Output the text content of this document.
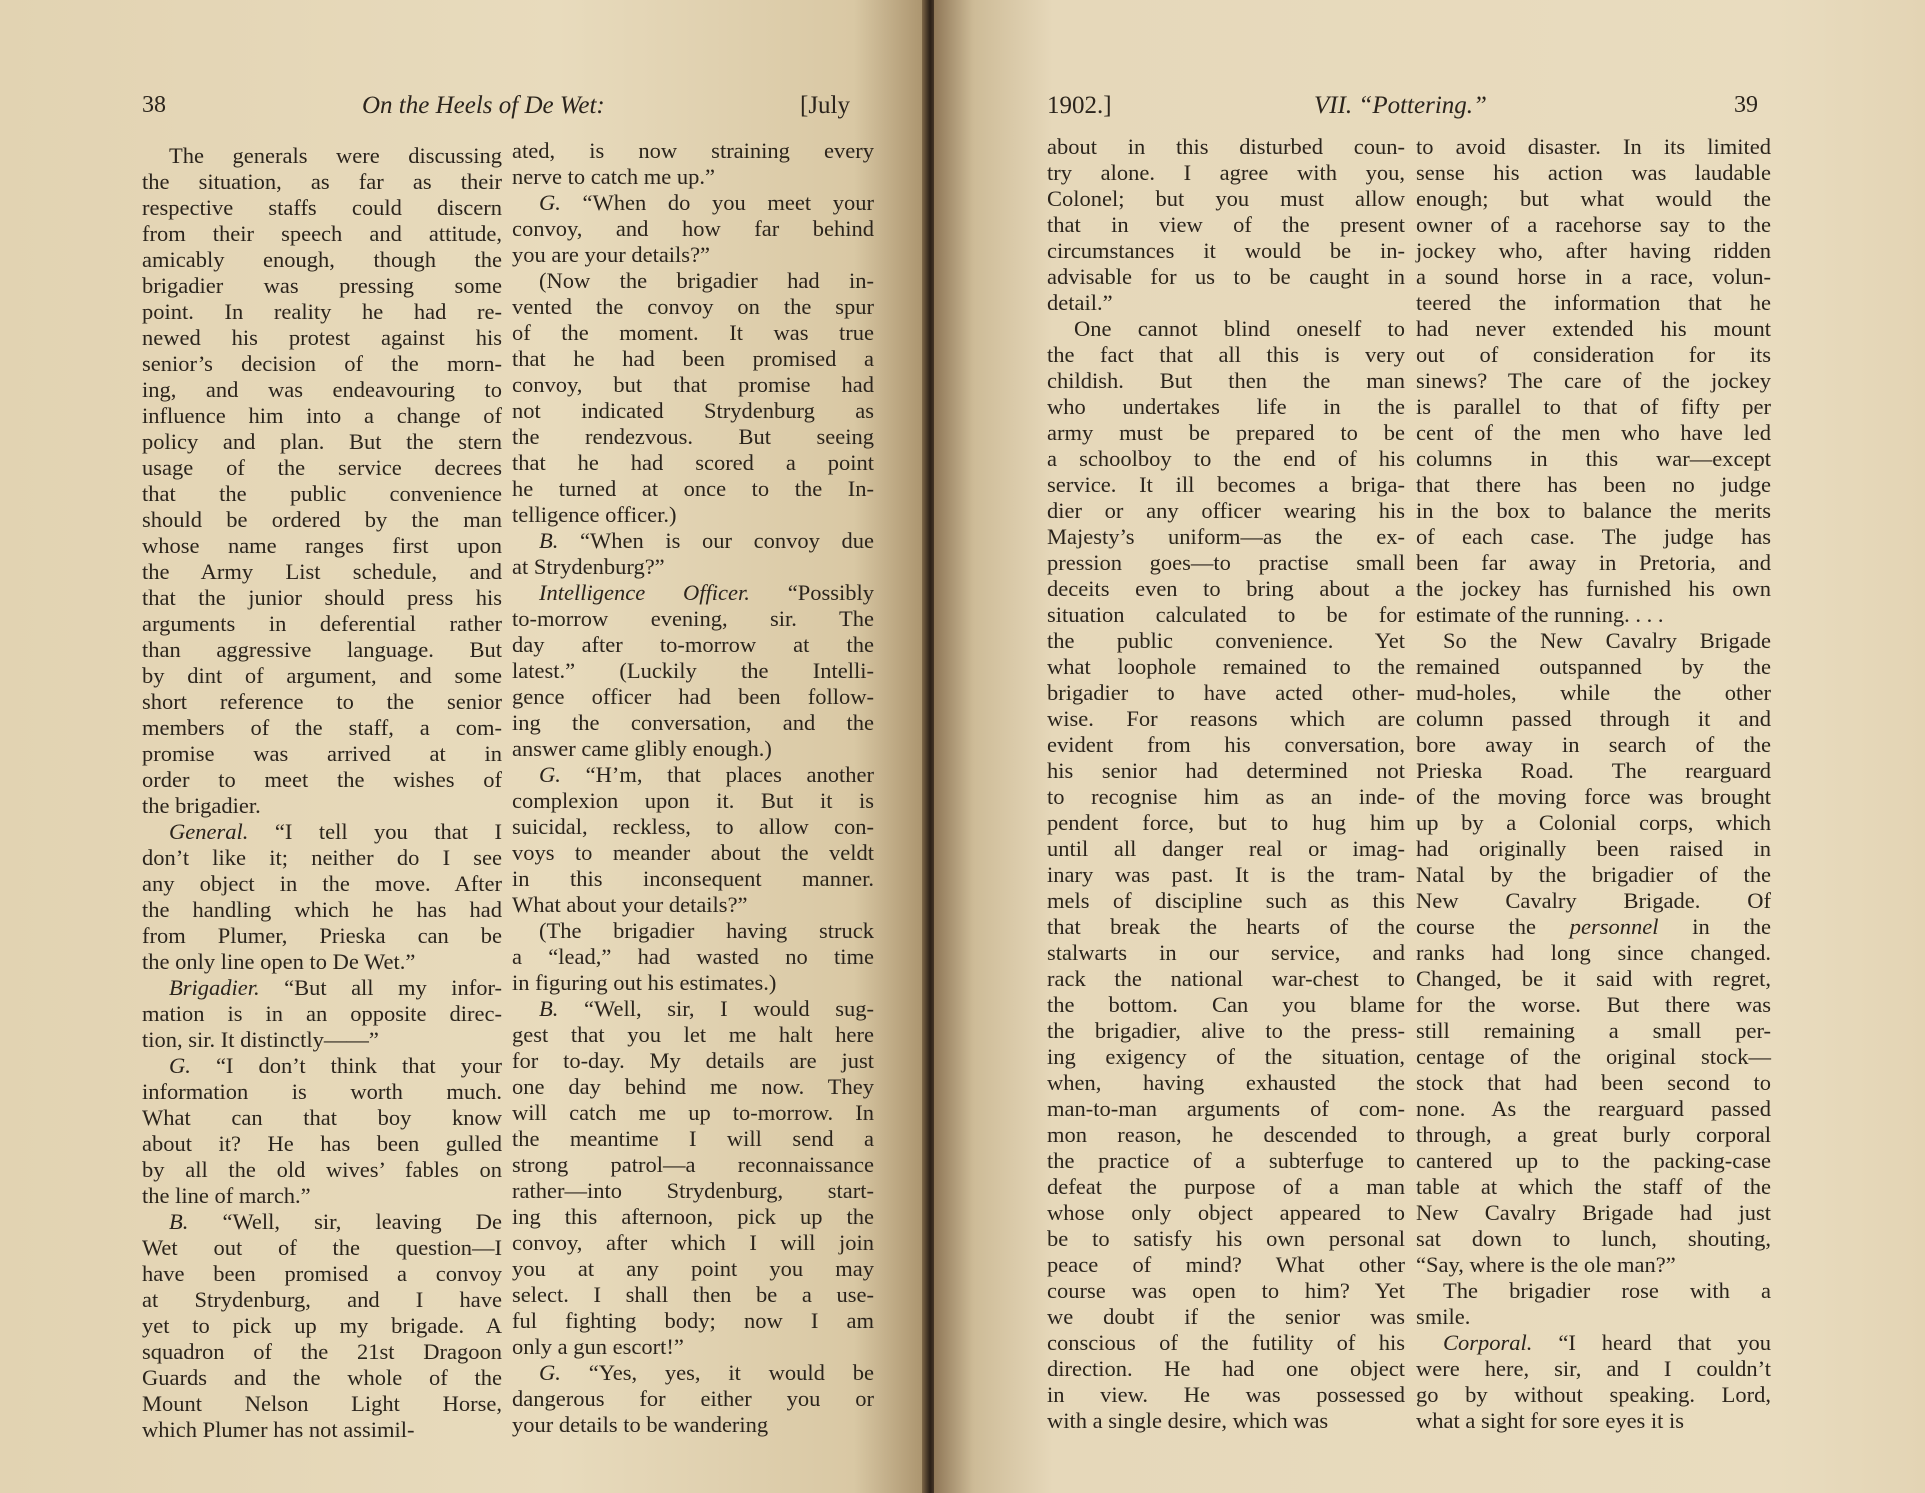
38	On the Heels of De Wet:	[July

The generals were discussing
the situation, as far as their
respective staffs could discern
from their speech and attitude,
amicably enough, though the
brigadier was pressing some
point. In reality he had re-
newed his protest against his
senior’s decision of the morn-
ing, and was endeavouring to
influence him into a change of
policy and plan. But the stern
usage of the service decrees
that the public convenience
should be ordered by the man
whose name ranges first upon
the Army List schedule, and
that the junior should press his
arguments in deferential rather
than aggressive language. But
by dint of argument, and some
short reference to the senior
members of the staff, a com-
promise was arrived at in
order to meet the wishes of
the brigadier.

General. “I tell you that I
don’t like it; neither do I see
any object in the move. After
the handling which he has had
from Plumer, Prieska can be
the only line open to De Wet.”

Brigadier. “But all my infor-
mation is in an opposite direc-
tion, sir. It distinctly——”

G. “I don’t think that your
information is worth much.
What can that boy know
about it? He has been gulled
by all the old wives’ fables on
the line of march.”

B. “Well, sir, leaving De
Wet out of the question—I
have been promised a convoy
at Strydenburg, and I have
yet to pick up my brigade. A
squadron of the 21st Dragoon
Guards and the whole of the
Mount Nelson Light Horse,
which Plumer has not assimil-

ated, is now straining every
nerve to catch me up.”

G. “When do you meet your
convoy, and how far behind
you are your details?”

(Now the brigadier had in-
vented the convoy on the spur
of the moment. It was true
that he had been promised a
convoy, but that promise had
not indicated Strydenburg as
the rendezvous. But seeing
that he had scored a point
he turned at once to the In-
telligence officer.)

B. “When is our convoy due
at Strydenburg?”

Intelligence Officer. “Possibly
to-morrow evening, sir. The
day after to-morrow at the
latest.” (Luckily the Intelli-
gence officer had been follow-
ing the conversation, and the
answer came glibly enough.)

G. “H’m, that places another
complexion upon it. But it is
suicidal, reckless, to allow con-
voys to meander about the veldt
in this inconsequent manner.
What about your details?”

(The brigadier having struck
a “lead,” had wasted no time
in figuring out his estimates.)

B. “Well, sir, I would sug-
gest that you let me halt here
for to-day. My details are just
one day behind me now. They
will catch me up to-morrow. In
the meantime I will send a
strong patrol—a reconnaissance
rather—into Strydenburg, start-
ing this afternoon, pick up the
convoy, after which I will join
you at any point you may
select. I shall then be a use-
ful fighting body; now I am
only a gun escort!”

G. “Yes, yes, it would be
dangerous for either you or
your details to be wandering

1902.]	VII. “Pottering.”	39

about in this disturbed coun-
try alone. I agree with you,
Colonel; but you must allow
that in view of the present
circumstances it would be in-
advisable for us to be caught in
detail.”

One cannot blind oneself to
the fact that all this is very
childish. But then the man
who undertakes life in the
army must be prepared to be
a schoolboy to the end of his
service. It ill becomes a briga-
dier or any officer wearing his
Majesty’s uniform—as the ex-
pression goes—to practise small
deceits even to bring about a
situation calculated to be for
the public convenience. Yet
what loophole remained to the
brigadier to have acted other-
wise. For reasons which are
evident from his conversation,
his senior had determined not
to recognise him as an inde-
pendent force, but to hug him
until all danger real or imag-
inary was past. It is the tram-
mels of discipline such as this
that break the hearts of the
stalwarts in our service, and
rack the national war-chest to
the bottom. Can you blame
the brigadier, alive to the press-
ing exigency of the situation,
when, having exhausted the
man-to-man arguments of com-
mon reason, he descended to
the practice of a subterfuge to
defeat the purpose of a man
whose only object appeared to
be to satisfy his own personal
peace of mind? What other
course was open to him? Yet
we doubt if the senior was
conscious of the futility of his
direction. He had one object
in view. He was possessed
with a single desire, which was

to avoid disaster. In its limited
sense his action was laudable
enough; but what would the
owner of a racehorse say to the
jockey who, after having ridden
a sound horse in a race, volun-
teered the information that he
had never extended his mount
out of consideration for its
sinews? The care of the jockey
is parallel to that of fifty per
cent of the men who have led
columns in this war—except
that there has been no judge
in the box to balance the merits
of each case. The judge has
been far away in Pretoria, and
the jockey has furnished his own
estimate of the running. . . .

So the New Cavalry Brigade
remained outspanned by the
mud-holes, while the other
column passed through it and
bore away in search of the
Prieska Road. The rearguard
of the moving force was brought
up by a Colonial corps, which
had originally been raised in
Natal by the brigadier of the
New Cavalry Brigade. Of
course the personnel in the
ranks had long since changed.
Changed, be it said with regret,
for the worse. But there was
still remaining a small per-
centage of the original stock—
stock that had been second to
none. As the rearguard passed
through, a great burly corporal
cantered up to the packing-case
table at which the staff of the
New Cavalry Brigade had just
sat down to lunch, shouting,
“Say, where is the ole man?”

The brigadier rose with a
smile.

Corporal. “I heard that you
were here, sir, and I couldn’t
go by without speaking. Lord,
what a sight for sore eyes it is
